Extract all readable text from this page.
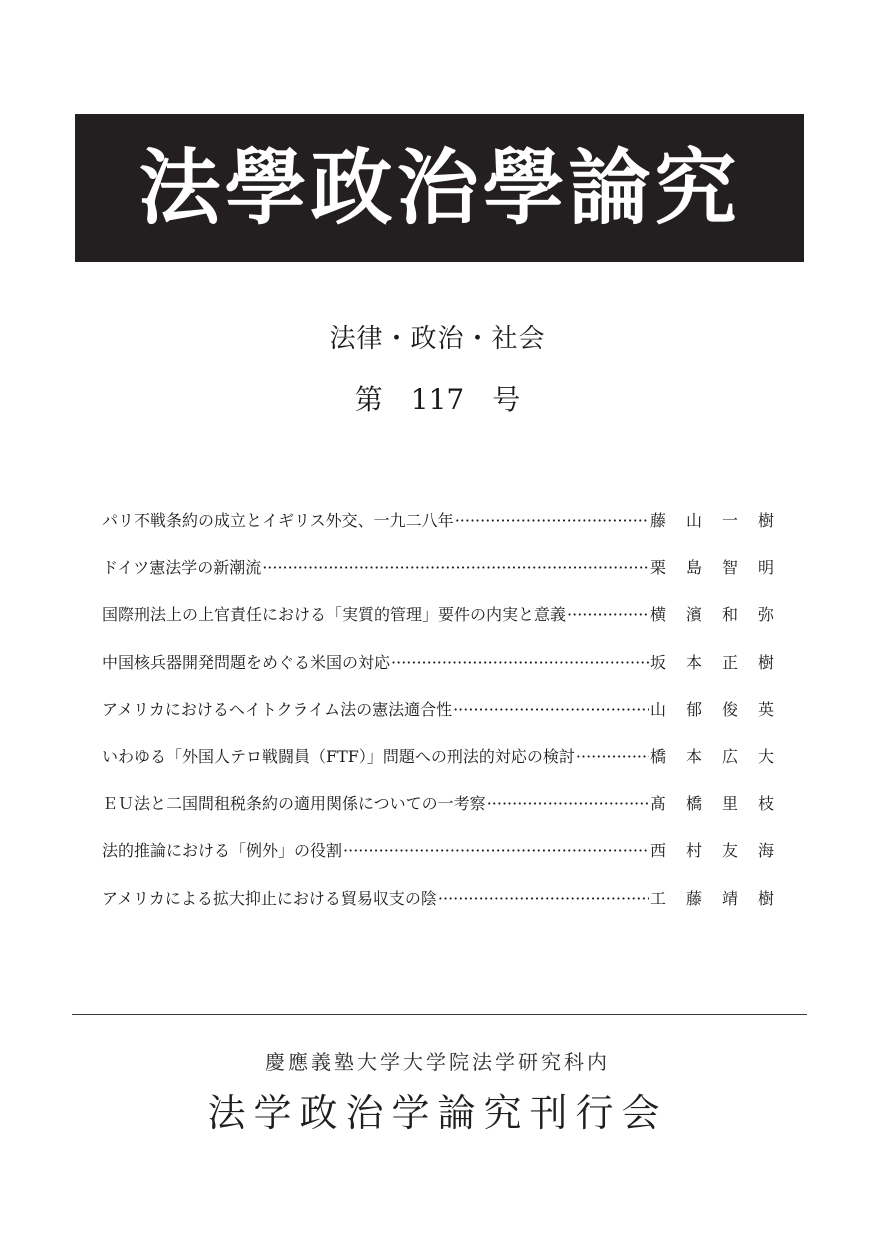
法學政治學論究
法律・政治・社会
第　117　号
パリ不戦条約の成立とイギリス外交、一九二八年 ·····	藤 山 一 樹
ドイツ憲法学の新潮流 ·····	栗 島 智 明
国際刑法上の上官責任における「実質的管理」要件の内実と意義 ·····	横 濱 和 弥
中国核兵器開発問題をめぐる米国の対応 ·····	坂 本 正 樹
アメリカにおけるヘイトクライム法の憲法適合性 ·····	山 郁 俊 英
いわゆる「外国人テロ戦闘員（FTF）」問題への刑法的対応の検討 ·····	橋 本 広 大
ＥＵ法と二国間租税条約の適用関係についての一考察 ·····	髙 橋 里 枝
法的推論における「例外」の役割 ·····	西 村 友 海
アメリカによる拡大抑止における貿易収支の陰 ·····	工 藤 靖 樹
慶應義塾大学大学院法学研究科内
法学政治学論究刊行会
